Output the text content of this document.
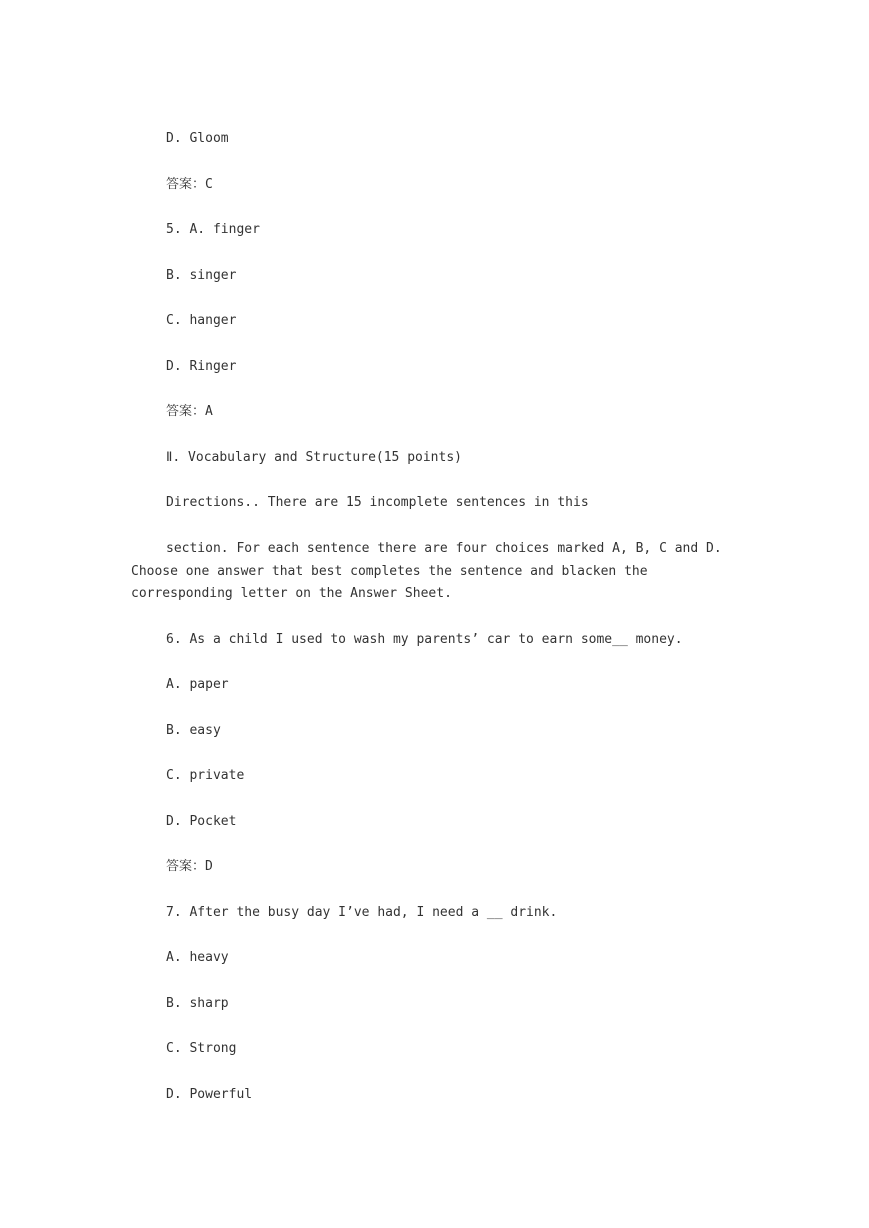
D. Gloom
答案：C
5. A. finger
B. singer
C. hanger
D. Ringer
答案：A
Ⅱ. Vocabulary and Structure(15 points)
Directions.. There are 15 incomplete sentences in this
section. For each sentence there are four choices marked A, B, C and D. Choose one answer that best completes the sentence and blacken the corresponding letter on the Answer Sheet.
6. As a child I used to wash my parents’ car to earn some__ money.
A. paper
B. easy
C. private
D. Pocket
答案：D
7. After the busy day I’ve had, I need a __ drink.
A. heavy
B. sharp
C. Strong
D. Powerful
